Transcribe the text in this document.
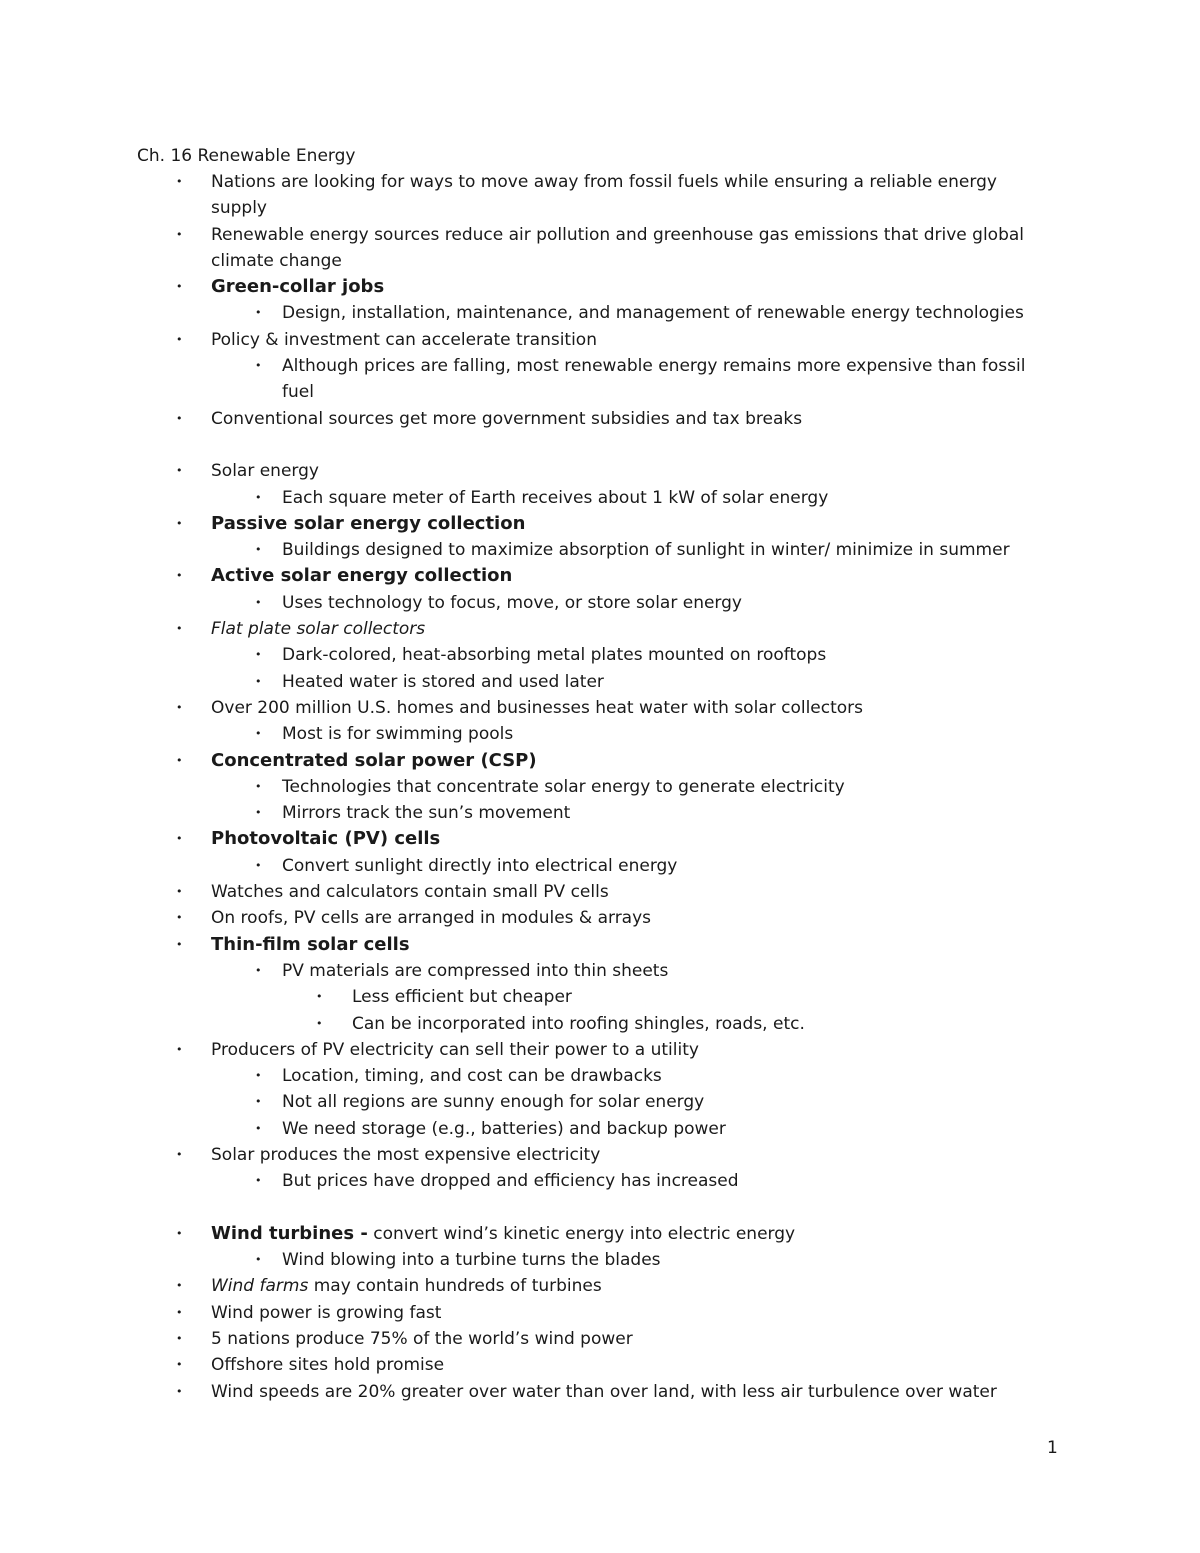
Ch. 16 Renewable Energy
• Nations are looking for ways to move away from fossil fuels while ensuring a reliable energy supply
• Renewable energy sources reduce air pollution and greenhouse gas emissions that drive global climate change
• Green-collar jobs
• Design, installation, maintenance, and management of renewable energy technologies
• Policy & investment can accelerate transition
• Although prices are falling, most renewable energy remains more expensive than fossil fuel
• Conventional sources get more government subsidies and tax breaks
• Solar energy
• Each square meter of Earth receives about 1 kW of solar energy
• Passive solar energy collection
• Buildings designed to maximize absorption of sunlight in winter/ minimize in summer
• Active solar energy collection
• Uses technology to focus, move, or store solar energy
• Flat plate solar collectors
• Dark-colored, heat-absorbing metal plates mounted on rooftops
• Heated water is stored and used later
• Over 200 million U.S. homes and businesses heat water with solar collectors
• Most is for swimming pools
• Concentrated solar power (CSP)
• Technologies that concentrate solar energy to generate electricity
• Mirrors track the sun’s movement
• Photovoltaic (PV) cells
• Convert sunlight directly into electrical energy
• Watches and calculators contain small PV cells
• On roofs, PV cells are arranged in modules & arrays
• Thin-film solar cells
• PV materials are compressed into thin sheets
• Less efficient but cheaper
• Can be incorporated into roofing shingles, roads, etc.
• Producers of PV electricity can sell their power to a utility
• Location, timing, and cost can be drawbacks
• Not all regions are sunny enough for solar energy
• We need storage (e.g., batteries) and backup power
• Solar produces the most expensive electricity
• But prices have dropped and efficiency has increased
• Wind turbines - convert wind’s kinetic energy into electric energy
• Wind blowing into a turbine turns the blades
• Wind farms may contain hundreds of turbines
• Wind power is growing fast
• 5 nations produce 75% of the world’s wind power
• Offshore sites hold promise
• Wind speeds are 20% greater over water than over land, with less air turbulence over water
1
